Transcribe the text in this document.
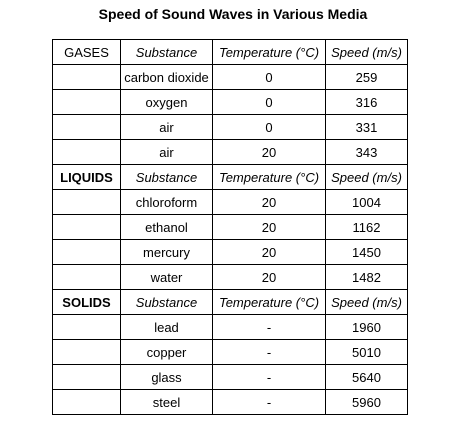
Speed of Sound Waves in Various Media
GASES	Substance	Temperature (°C)	Speed (m/s)
	carbon dioxide	0	259
	oxygen	0	316
	air	0	331
	air	20	343
LIQUIDS	Substance	Temperature (°C)	Speed (m/s)
	chloroform	20	1004
	ethanol	20	1162
	mercury	20	1450
	water	20	1482
SOLIDS	Substance	Temperature (°C)	Speed (m/s)
	lead	-	1960
	copper	-	5010
	glass	-	5640
	steel	-	5960
